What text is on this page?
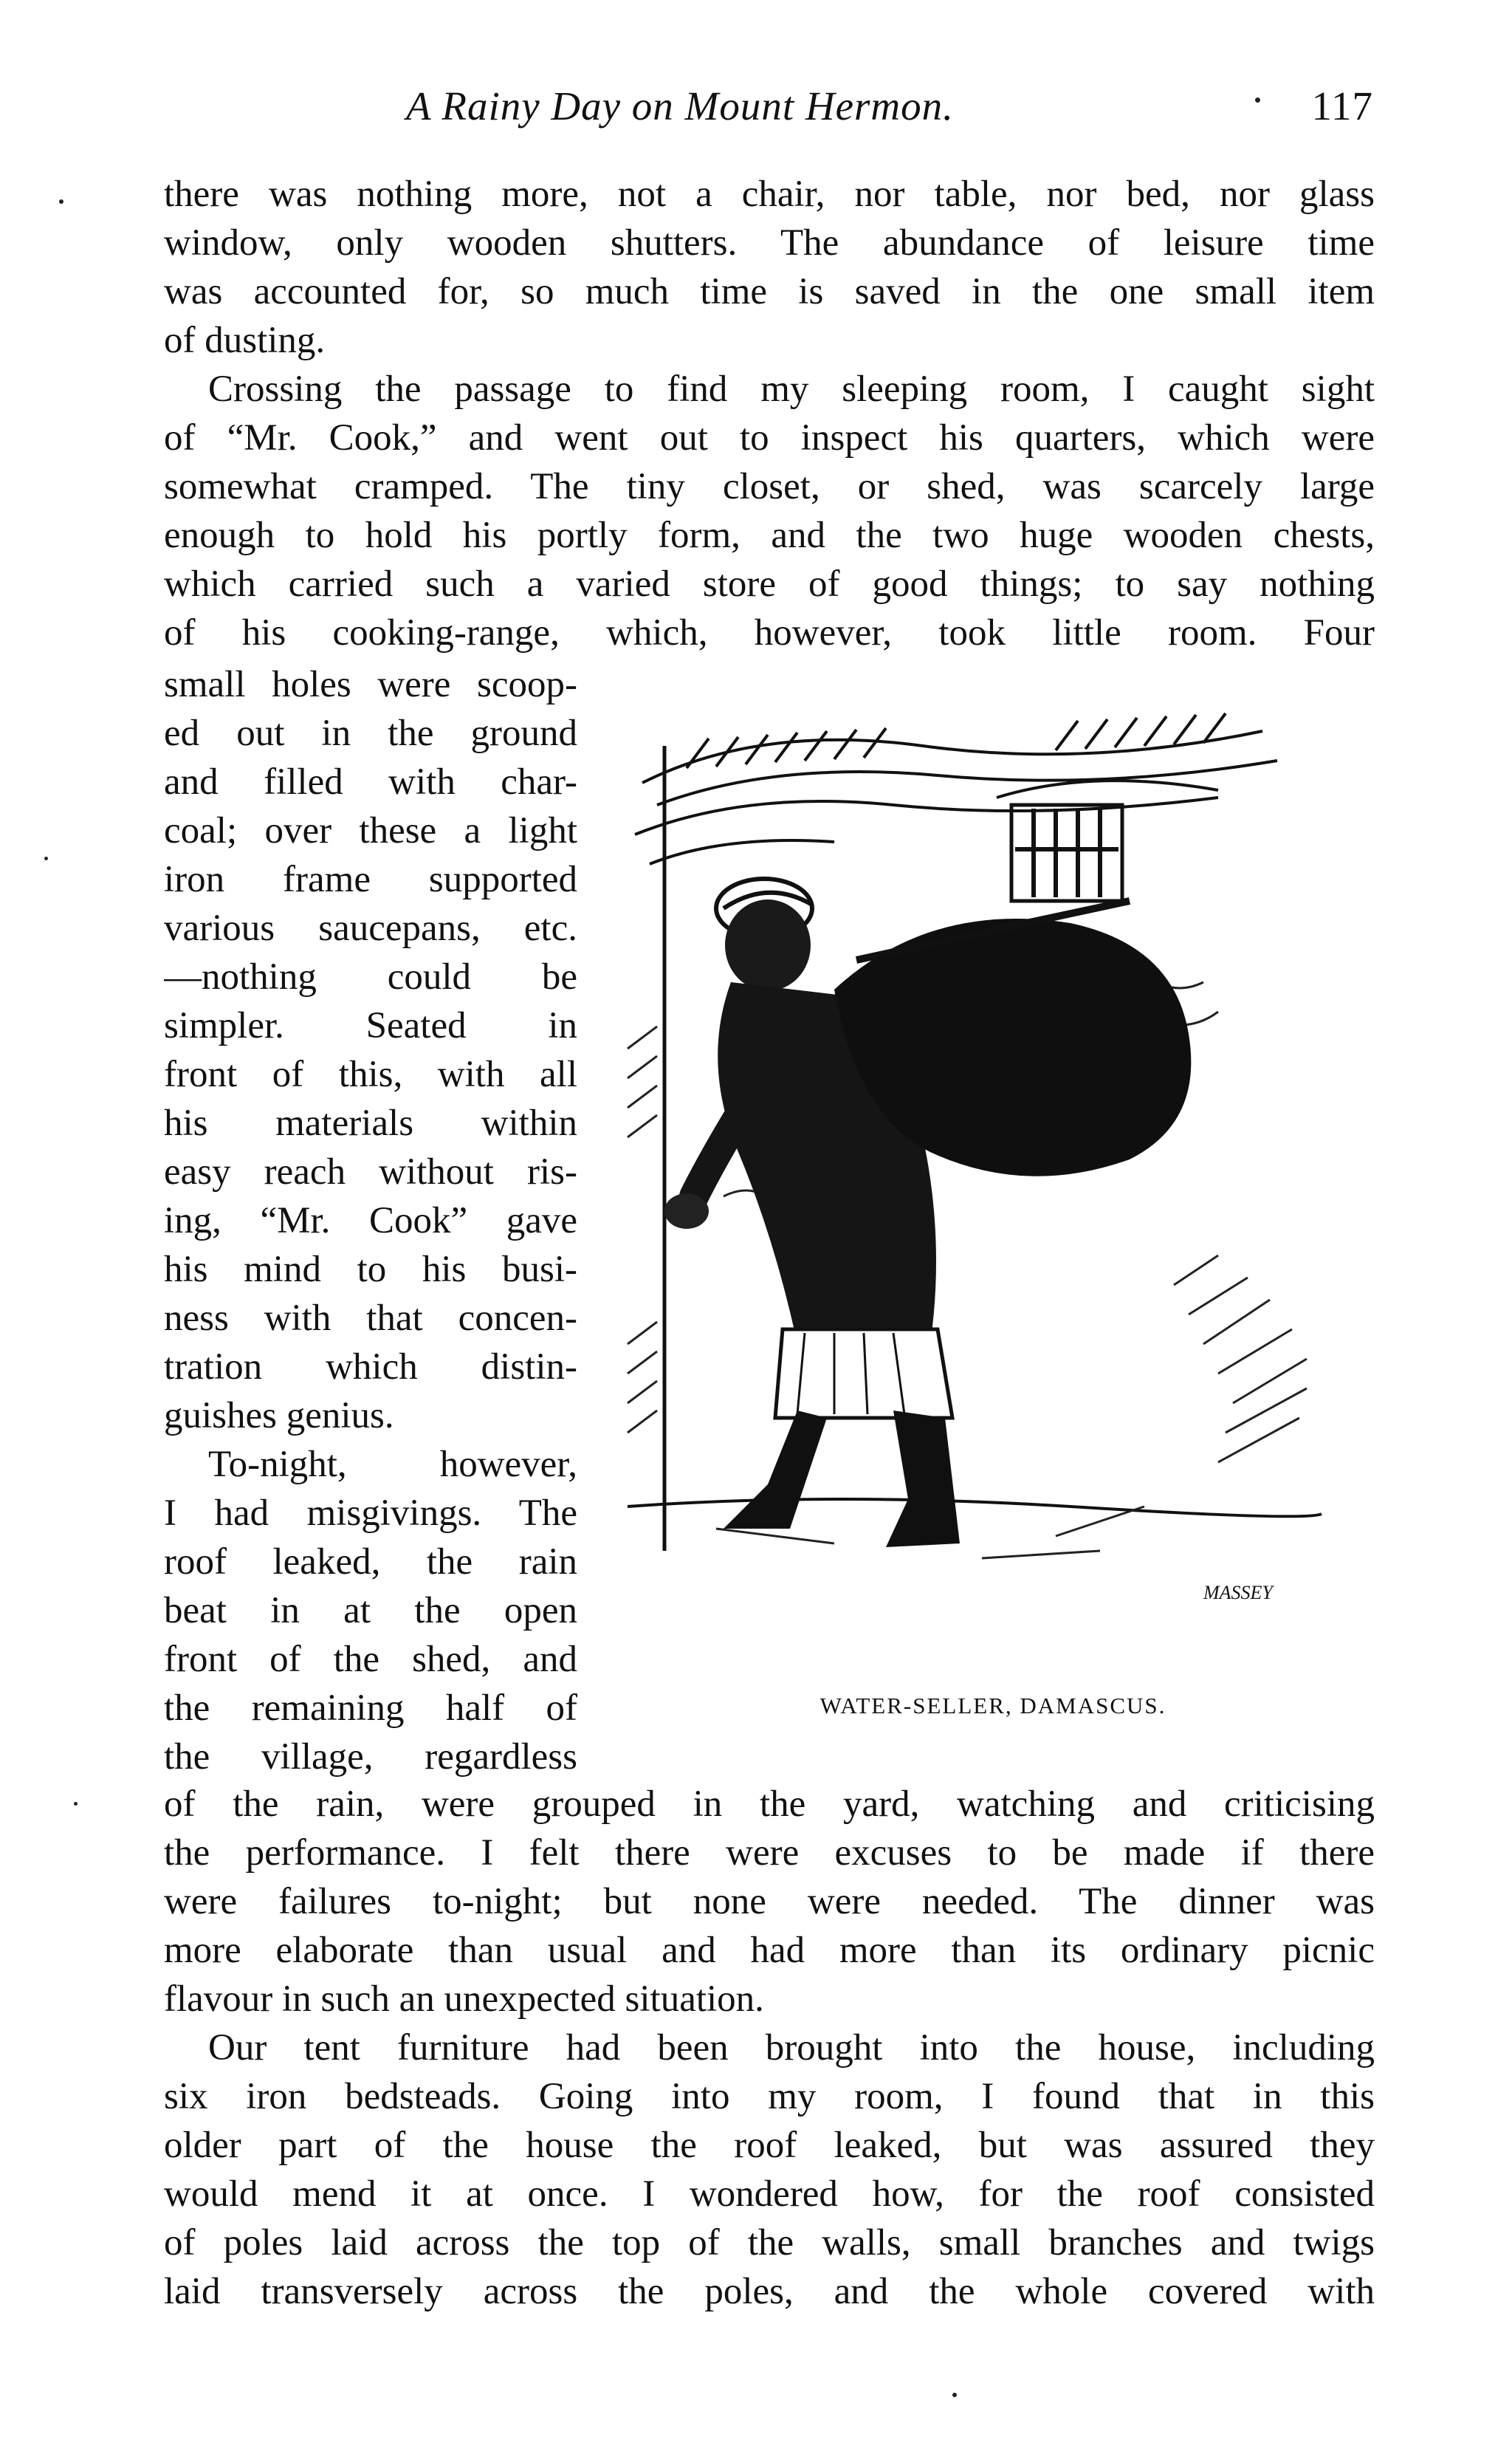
A Rainy Day on Mount Hermon.	117
there was nothing more, not a chair, nor table, nor bed, nor glass
window, only wooden shutters. The abundance of leisure time
was accounted for, so much time is saved in the one small item
of dusting.
Crossing the passage to find my sleeping room, I caught sight
of “Mr. Cook,” and went out to inspect his quarters, which were
somewhat cramped. The tiny closet, or shed, was scarcely large
enough to hold his portly form, and the two huge wooden chests,
which carried such a varied store of good things; to say nothing
of his cooking-range, which, however, took little room. Four
small holes were scoop-
ed out in the ground
and filled with char-
coal; over these a light
iron frame supported
various saucepans, etc.
—nothing could be
simpler. Seated in
front of this, with all
his materials within
easy reach without ris-
ing, “Mr. Cook” gave
his mind to his busi-
ness with that concen-
tration which distin-
guishes genius.
To-night, however,
I had misgivings. The
roof leaked, the rain
beat in at the open
front of the shed, and
the remaining half of
the village, regardless
MASSEY
WATER-SELLER, DAMASCUS.
of the rain, were grouped in the yard, watching and criticising
the performance. I felt there were excuses to be made if there
were failures to-night; but none were needed. The dinner was
more elaborate than usual and had more than its ordinary picnic
flavour in such an unexpected situation.
Our tent furniture had been brought into the house, including
six iron bedsteads. Going into my room, I found that in this
older part of the house the roof leaked, but was assured they
would mend it at once. I wondered how, for the roof consisted
of poles laid across the top of the walls, small branches and twigs
laid transversely across the poles, and the whole covered with
